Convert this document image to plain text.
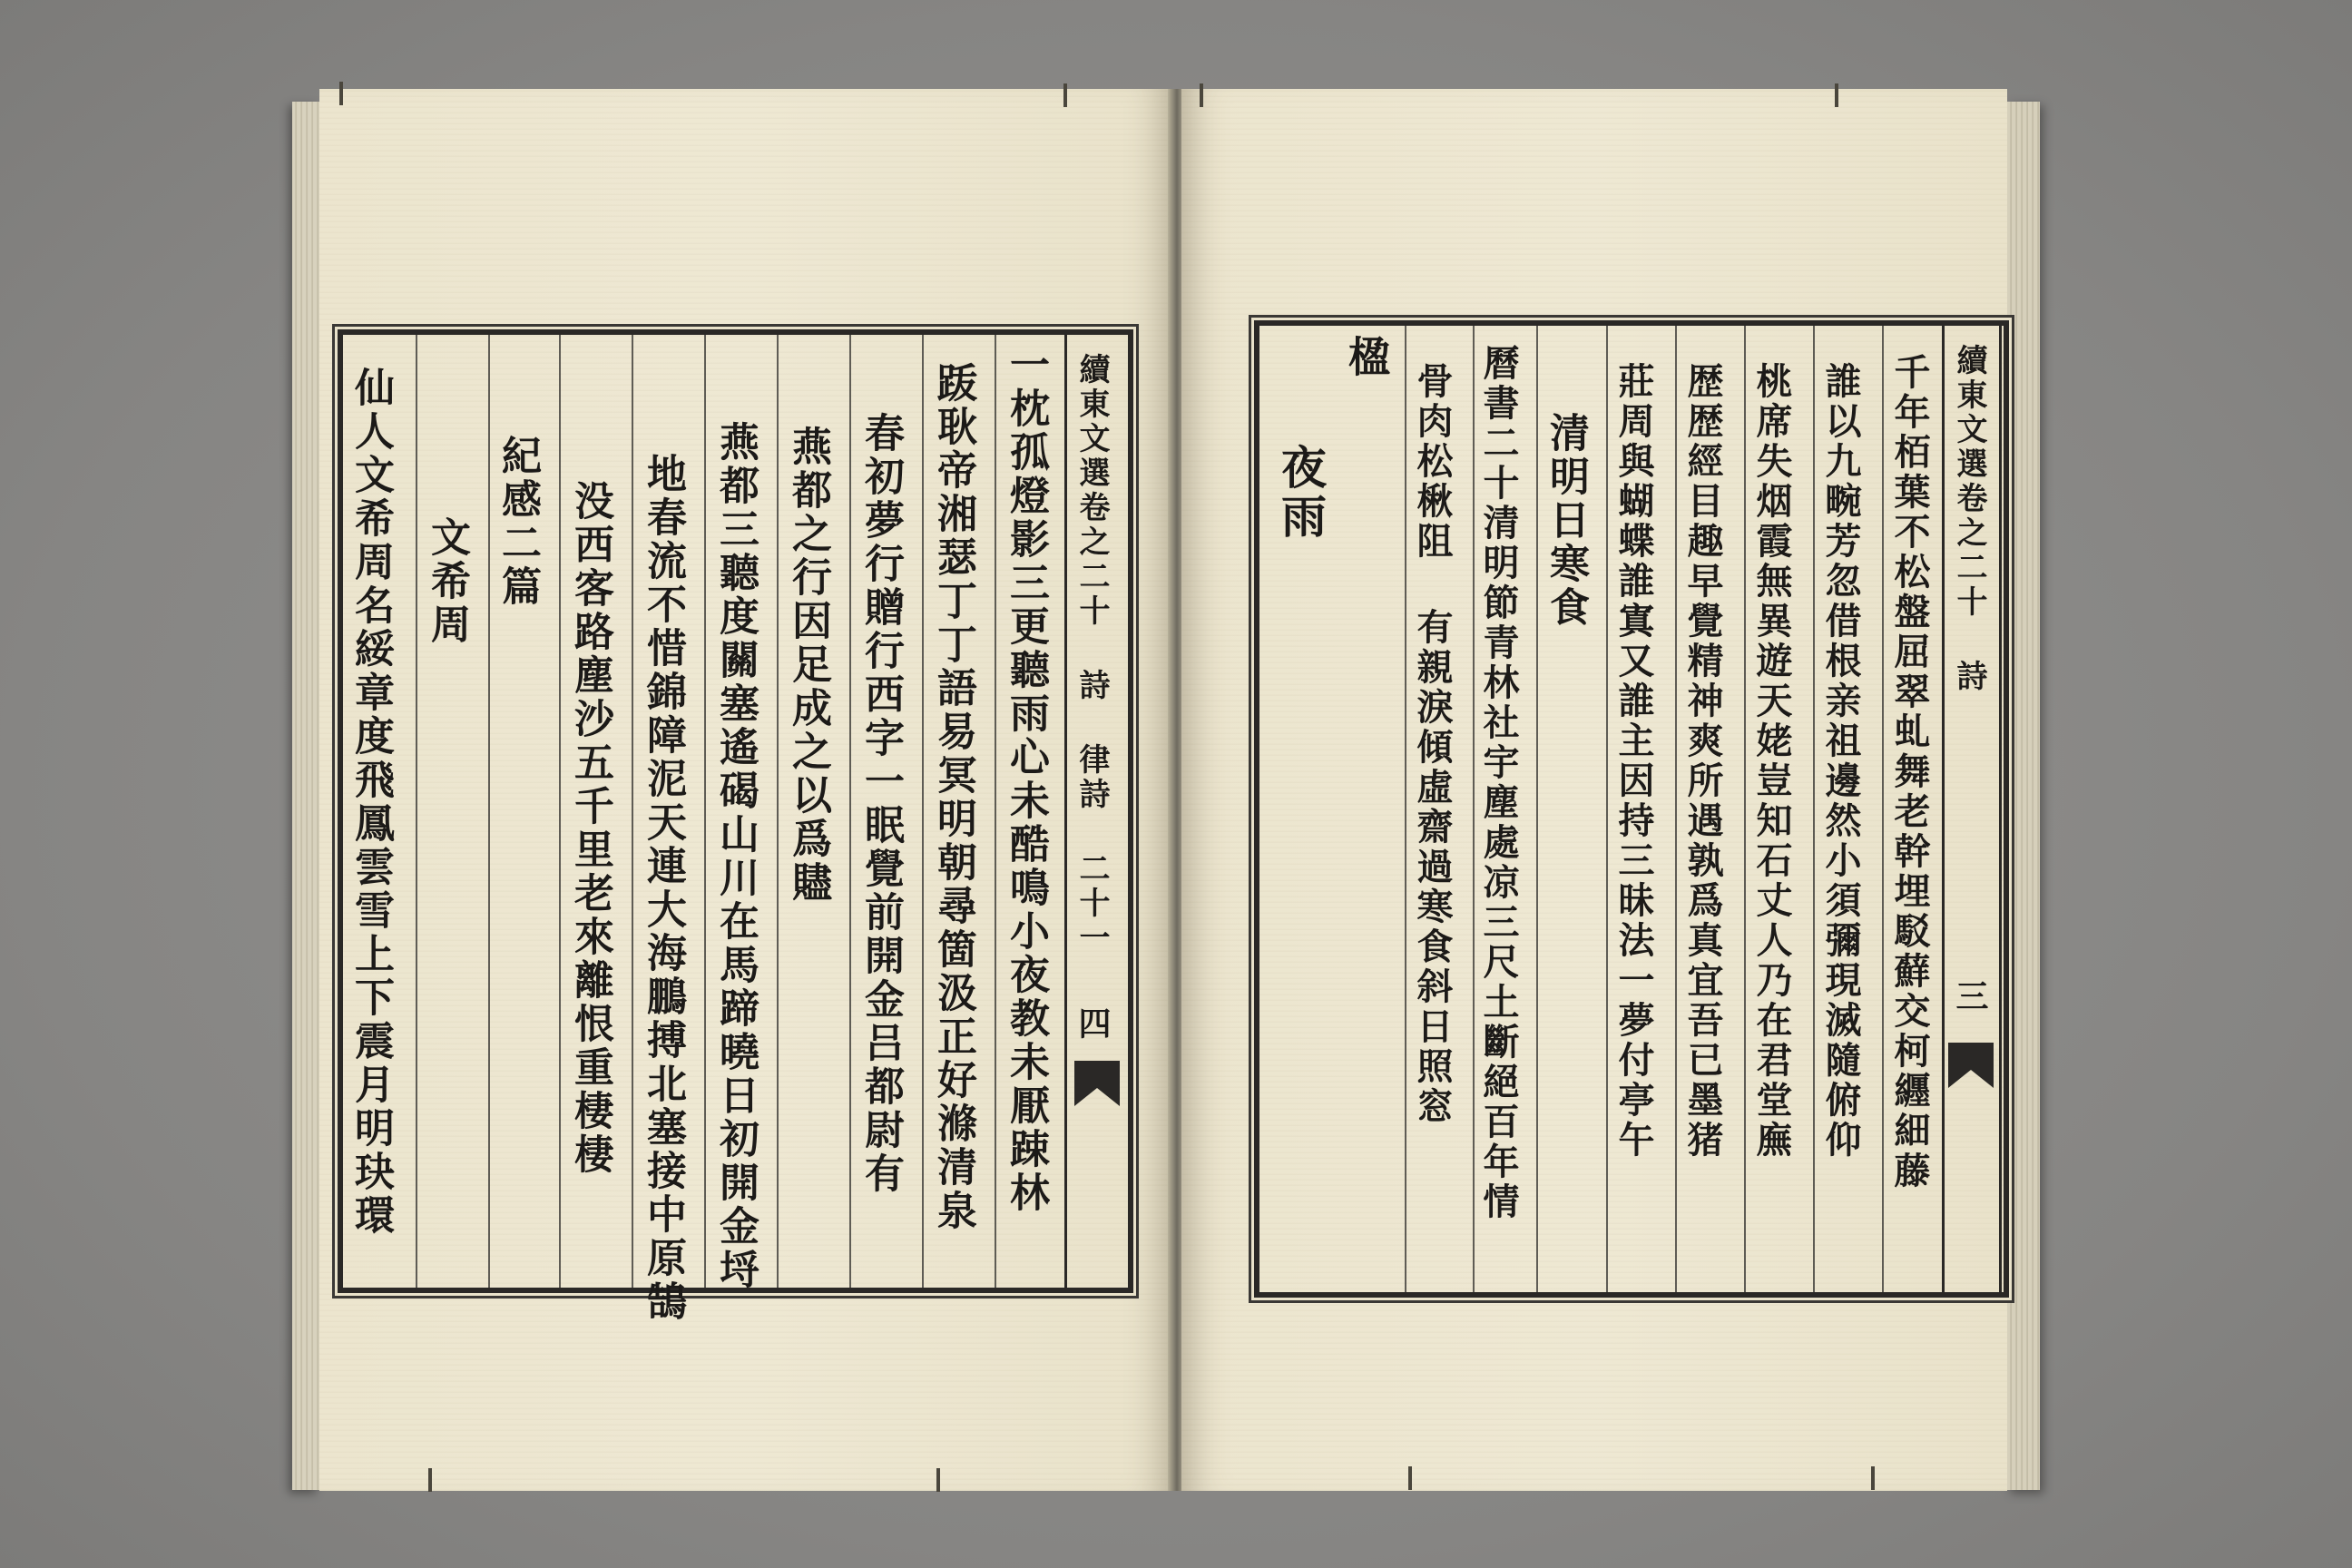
仙人文希周名綏章度飛鳳雲雪上下震月明玦環 文希周 紀感二篇 没西客路塵沙五千里老來離恨重棲棲 地春流不惜錦障泥天連大海鵬搏北塞接中原鵠 燕都三聽度關塞遙碣山川在馬蹄曉日初開金埒 燕都之行因足成之以爲贐 春初夢行贈行西字一眠覺前開金吕都尉有 䟦耿帝湘瑟丁丁語易冥明朝尋箇汲正好滌清泉 一枕孤燈影三更聽雨心未酷鳴小夜教未厭踈林 續東文選卷之二十 詩 律詩 二十一
四
夜雨
楹
骨肉松楸阻 有親淚傾虛齋過寒食斜日照窓 曆書二十清明節青林社宇塵處凉三尺土斷絕百年情 清明日寒食 莊周與蝴蝶誰寘又誰主因持三昧法一夢付亭午 歴歴經目趣早覺精神爽所遇孰爲真宜吾已墨猪 桃席失烟霞無異遊天姥豈知石丈人乃在君堂廡 誰以九畹芳忽借根亲祖邊然小須彌現滅隨俯仰 千年栢葉不松盤屈翠虬舞老幹埋駁蘚交柯纒細藤 續東文選卷之二十 詩
三
